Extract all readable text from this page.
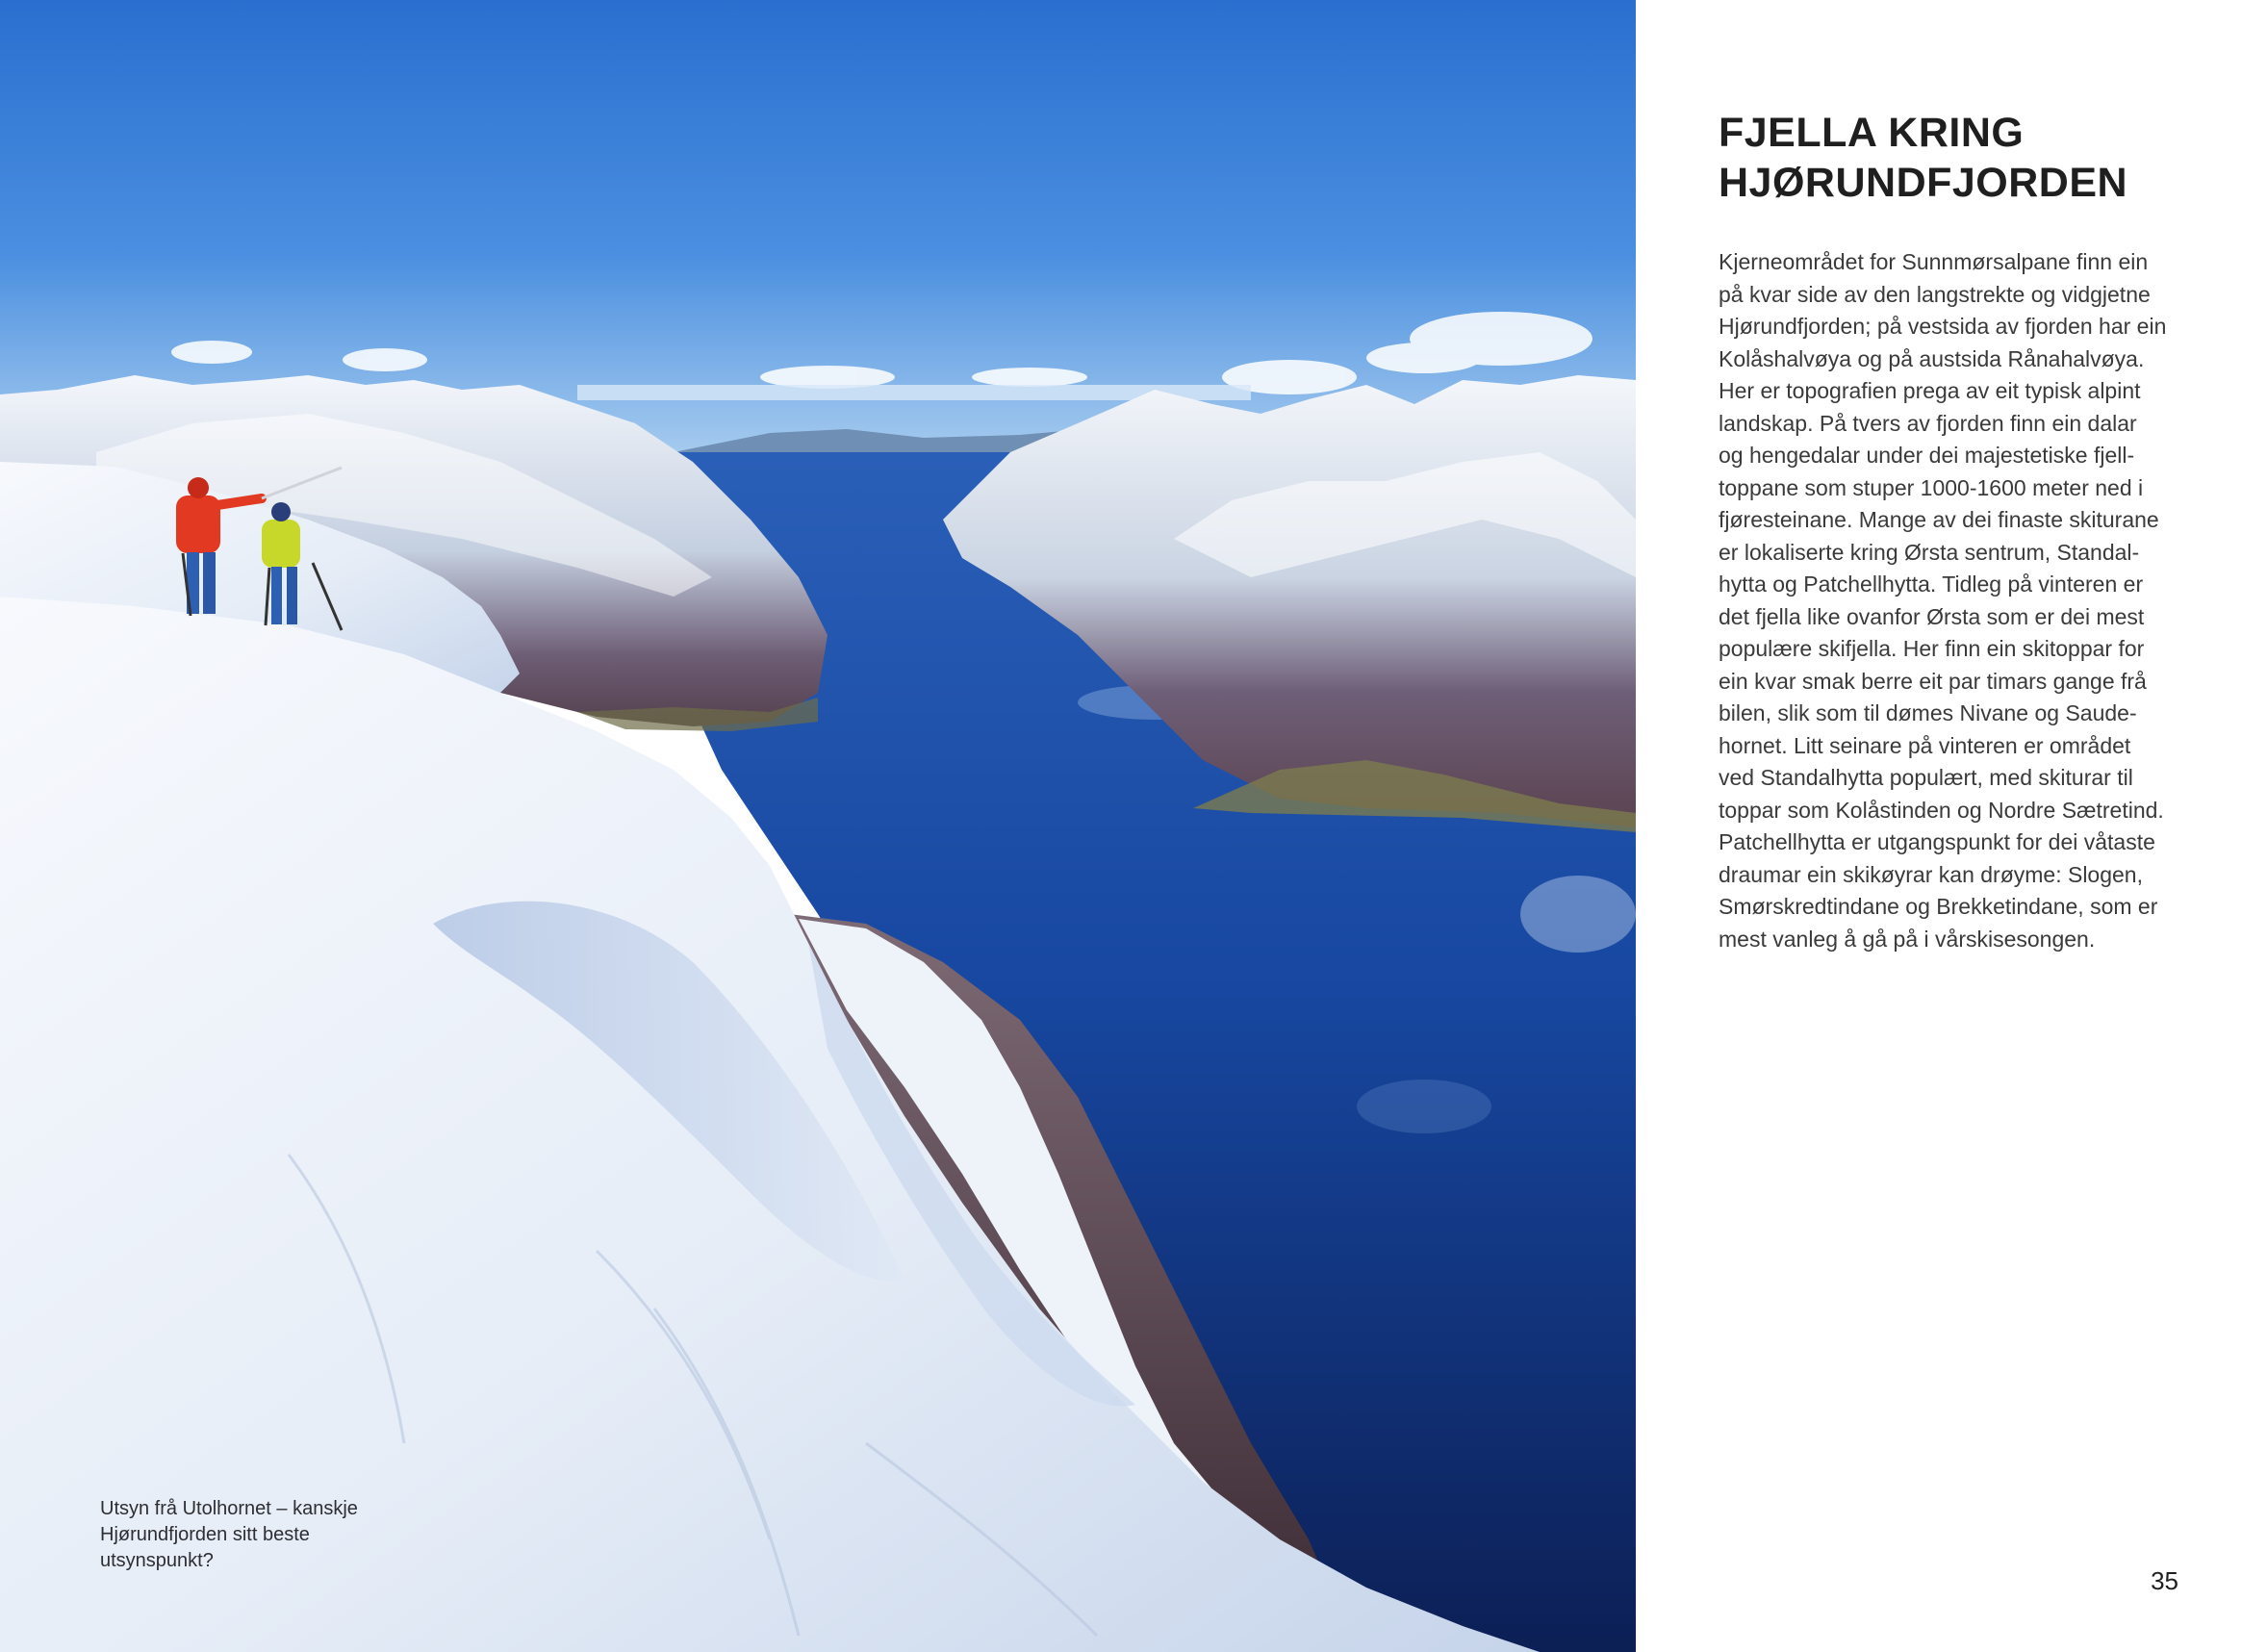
Utsyn frå Utolhornet – kanskje
Hjørundfjorden sitt beste
utsynspunkt?

FJELLA KRING
HJØRUNDFJORDEN

Kjerneområdet for Sunnmørsalpane finn ein
på kvar side av den langstrekte og vidgjetne
Hjørundfjorden; på vestsida av fjorden har ein
Kolåshalvøya og på austsida Rånahalvøya.
Her er topografien prega av eit typisk alpint
landskap. På tvers av fjorden finn ein dalar
og hengedalar under dei majestetiske fjell-
toppane som stuper 1000-1600 meter ned i
fjøresteinane. Mange av dei finaste skiturane
er lokaliserte kring Ørsta sentrum, Standal-
hytta og Patchellhytta. Tidleg på vinteren er
det fjella like ovanfor Ørsta som er dei mest
populære skifjella. Her finn ein skitoppar for
ein kvar smak berre eit par timars gange frå
bilen, slik som til dømes Nivane og Saude-
hornet. Litt seinare på vinteren er området
ved Standalhytta populært, med skiturar til
toppar som Kolåstinden og Nordre Sætretind.
Patchellhytta er utgangspunkt for dei våtaste
draumar ein skikøyrar kan drøyme: Slogen,
Smørskredtindane og Brekketindane, som er
mest vanleg å gå på i vårskisesongen.

35
